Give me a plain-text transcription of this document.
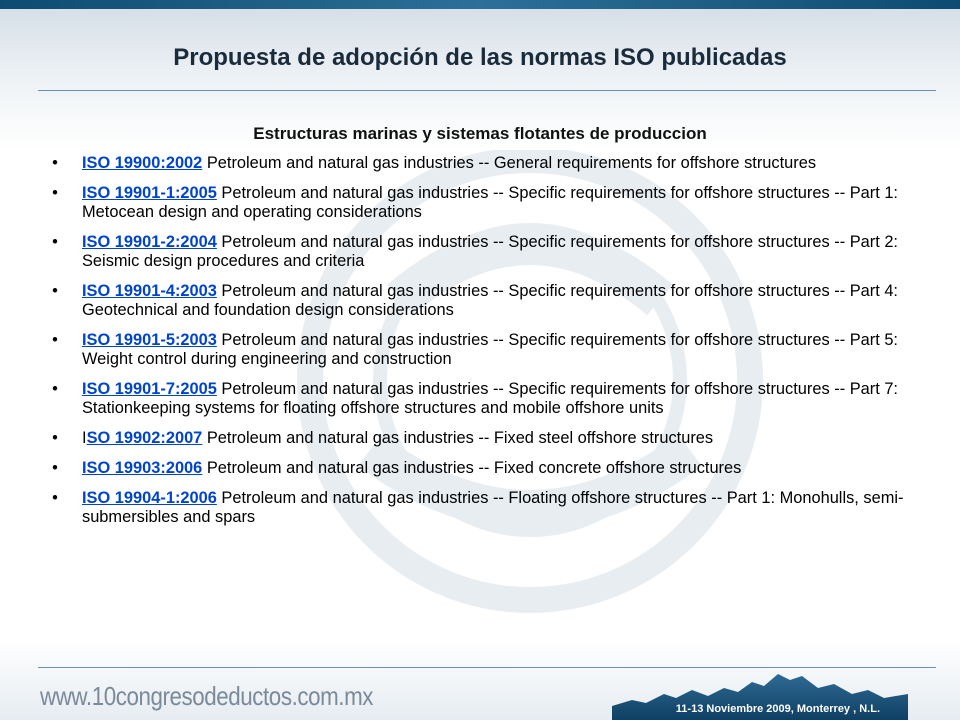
Propuesta de adopción de las normas ISO publicadas
Estructuras marinas y sistemas flotantes de produccion
• ISO 19900:2002 Petroleum and natural gas industries -- General requirements for offshore structures
• ISO 19901-1:2005 Petroleum and natural gas industries -- Specific requirements for offshore structures -- Part 1: Metocean design and operating considerations
• ISO 19901-2:2004 Petroleum and natural gas industries -- Specific requirements for offshore structures -- Part 2: Seismic design procedures and criteria
• ISO 19901-4:2003 Petroleum and natural gas industries -- Specific requirements for offshore structures -- Part 4: Geotechnical and foundation design considerations
• ISO 19901-5:2003 Petroleum and natural gas industries -- Specific requirements for offshore structures -- Part 5: Weight control during engineering and construction
• ISO 19901-7:2005 Petroleum and natural gas industries -- Specific requirements for offshore structures -- Part 7: Stationkeeping systems for floating offshore structures and mobile offshore units
• ISO 19902:2007 Petroleum and natural gas industries -- Fixed steel offshore structures
• ISO 19903:2006 Petroleum and natural gas industries -- Fixed concrete offshore structures
• ISO 19904-1:2006 Petroleum and natural gas industries -- Floating offshore structures -- Part 1: Monohulls, semi-submersibles and spars
www.10congresodeductos.com.mx	11-13 Noviembre 2009, Monterrey , N.L.
